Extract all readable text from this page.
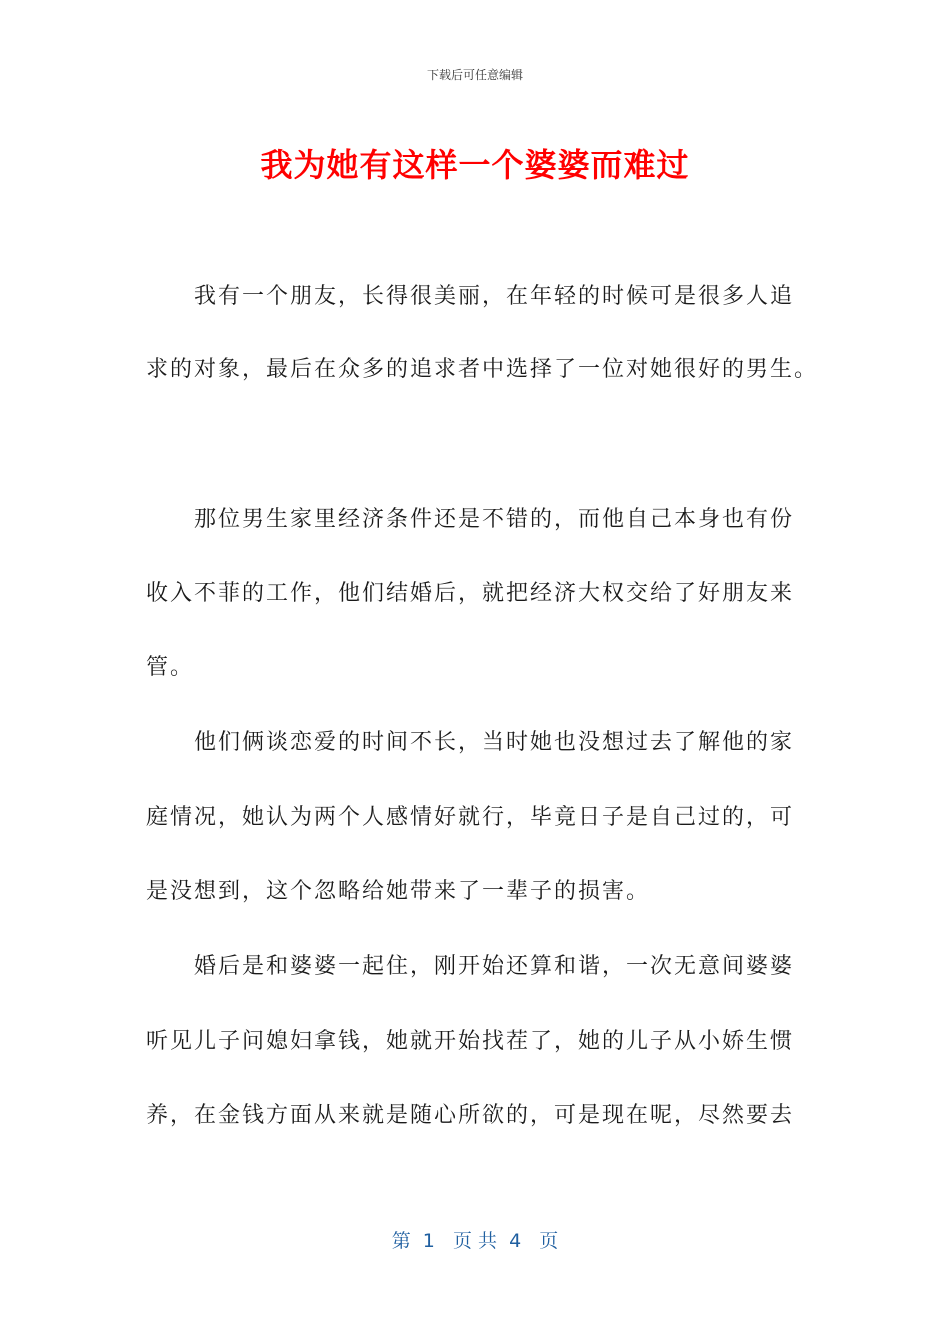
下载后可任意编辑
我为她有这样一个婆婆而难过
我有一个朋友，长得很美丽，在年轻的时候可是很多人追
求的对象，最后在众多的追求者中选择了一位对她很好的男生。
那位男生家里经济条件还是不错的，而他自己本身也有份
收入不菲的工作，他们结婚后，就把经济大权交给了好朋友来
管。
他们俩谈恋爱的时间不长，当时她也没想过去了解他的家
庭情况，她认为两个人感情好就行，毕竟日子是自己过的，可
是没想到，这个忽略给她带来了一辈子的损害。
婚后是和婆婆一起住，刚开始还算和谐，一次无意间婆婆
听见儿子问媳妇拿钱，她就开始找茬了，她的儿子从小娇生惯
养，在金钱方面从来就是随心所欲的，可是现在呢，尽然要去
第  1   页 共  4   页
